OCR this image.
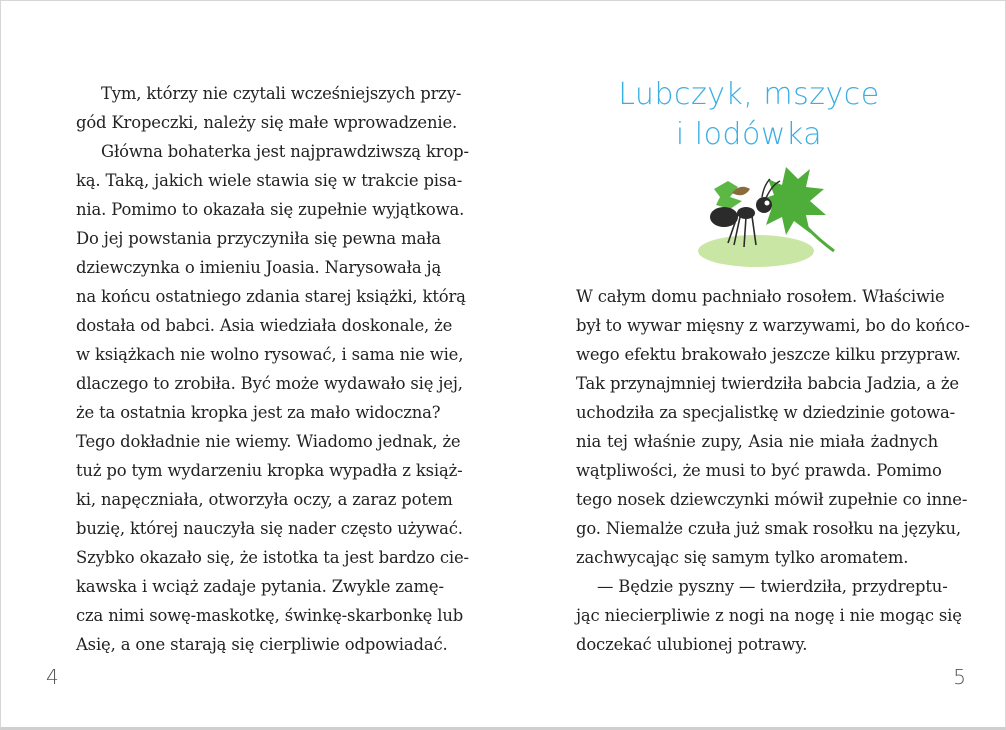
Tym, którzy nie czytali wcześniejszych przy-
gód Kropeczki, należy się małe wprowadzenie.
Główna bohaterka jest najprawdziwszą krop-
ką. Taką, jakich wiele stawia się w trakcie pisa-
nia. Pomimo to okazała się zupełnie wyjątkowa.
Do jej powstania przyczyniła się pewna mała
dziewczynka o imieniu Joasia. Narysowała ją
na końcu ostatniego zdania starej książki, którą
dostała od babci. Asia wiedziała doskonale, że
w książkach nie wolno rysować, i sama nie wie,
dlaczego to zrobiła. Być może wydawało się jej,
że ta ostatnia kropka jest za mało widoczna?
Tego dokładnie nie wiemy. Wiadomo jednak, że
tuż po tym wydarzeniu kropka wypadła z książ-
ki, napęczniała, otworzyła oczy, a zaraz potem
buzię, której nauczyła się nader często używać.
Szybko okazało się, że istotka ta jest bardzo cie-
kawska i wciąż zadaje pytania. Zwykle zamę-
cza nimi sowę-maskotkę, świnkę-skarbonkę lub
Asię, a one starają się cierpliwie odpowiadać.
4
Lubczyk, mszyce
i lodówka
W całym domu pachniało rosołem. Właściwie
był to wywar mięsny z warzywami, bo do końco-
wego efektu brakowało jeszcze kilku przypraw.
Tak przynajmniej twierdziła babcia Jadzia, a że
uchodziła za specjalistkę w dziedzinie gotowa-
nia tej właśnie zupy, Asia nie miała żadnych
wątpliwości, że musi to być prawda. Pomimo
tego nosek dziewczynki mówił zupełnie co inne-
go. Niemalże czuła już smak rosołku na języku,
zachwycając się samym tylko aromatem.
— Będzie pyszny — twierdziła, przydreptu-
jąc niecierpliwie z nogi na nogę i nie mogąc się
doczekać ulubionej potrawy.
5
